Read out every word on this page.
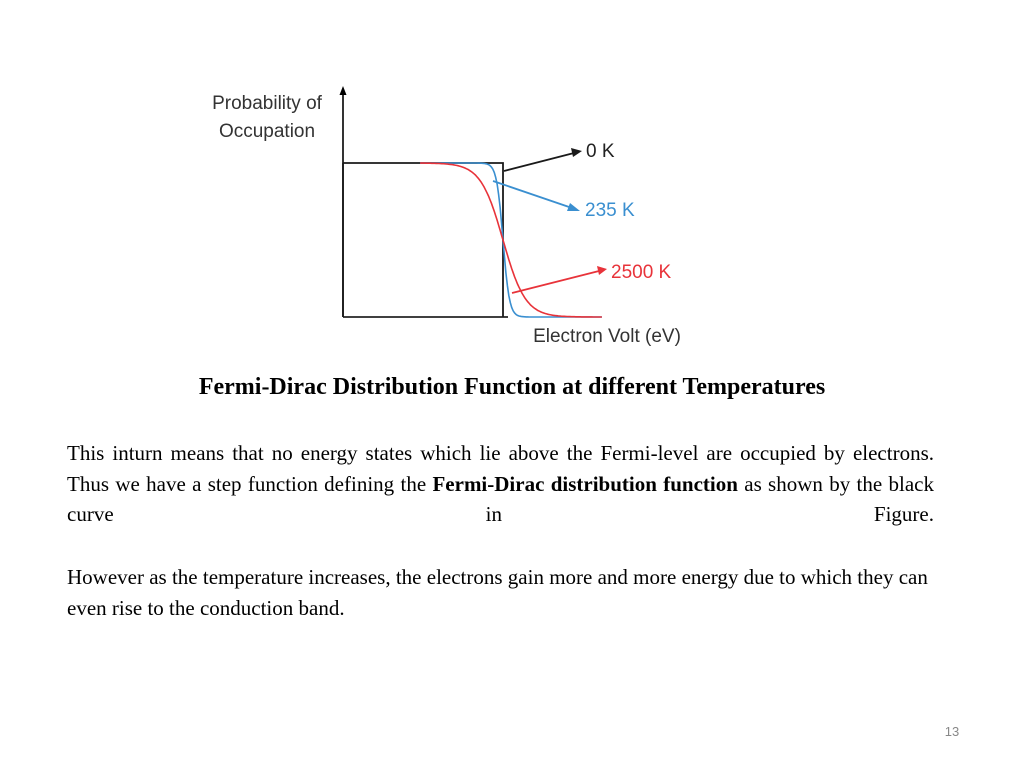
Probability of
Occupation
Electron Volt (eV)
0 K
235 K
2500 K

Fermi-Dirac Distribution Function at different Temperatures

This inturn means that no energy states which lie above the Fermi-level are occupied by electrons. Thus we have a step function defining the Fermi-Dirac distribution function as shown by the black curve in Figure.

However as the temperature increases, the electrons gain more and more energy due to which they can even rise to the conduction band.

13
